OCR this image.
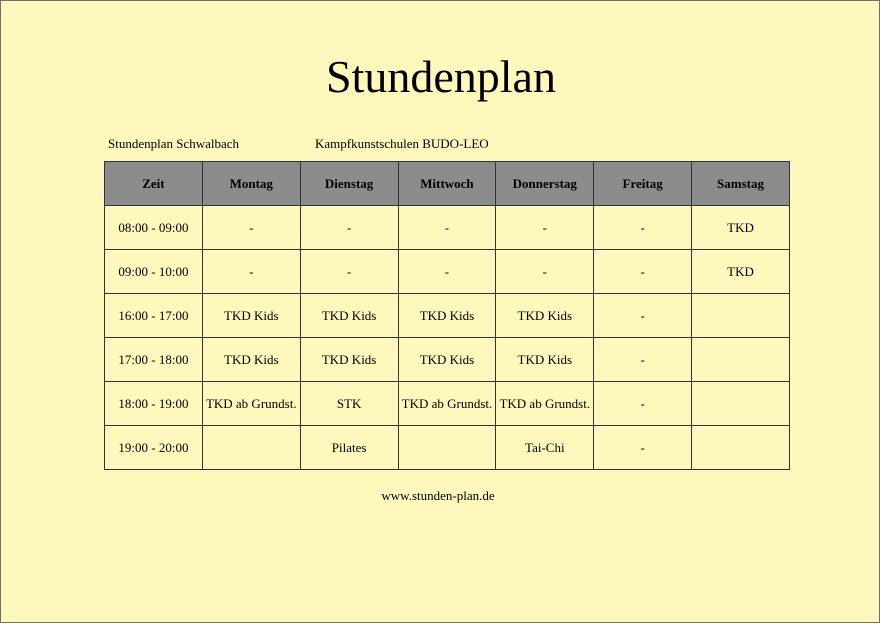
Stundenplan
Stundenplan Schwalbach	Kampfkunstschulen BUDO-LEO
Zeit	Montag	Dienstag	Mittwoch	Donnerstag	Freitag	Samstag
08:00 - 09:00	-	-	-	-	-	TKD
09:00 - 10:00	-	-	-	-	-	TKD
16:00 - 17:00	TKD Kids	TKD Kids	TKD Kids	TKD Kids	-	
17:00 - 18:00	TKD Kids	TKD Kids	TKD Kids	TKD Kids	-	
18:00 - 19:00	TKD ab Grundst.	STK	TKD ab Grundst.	TKD ab Grundst.	-	
19:00 - 20:00		Pilates		Tai-Chi	-	
www.stunden-plan.de
